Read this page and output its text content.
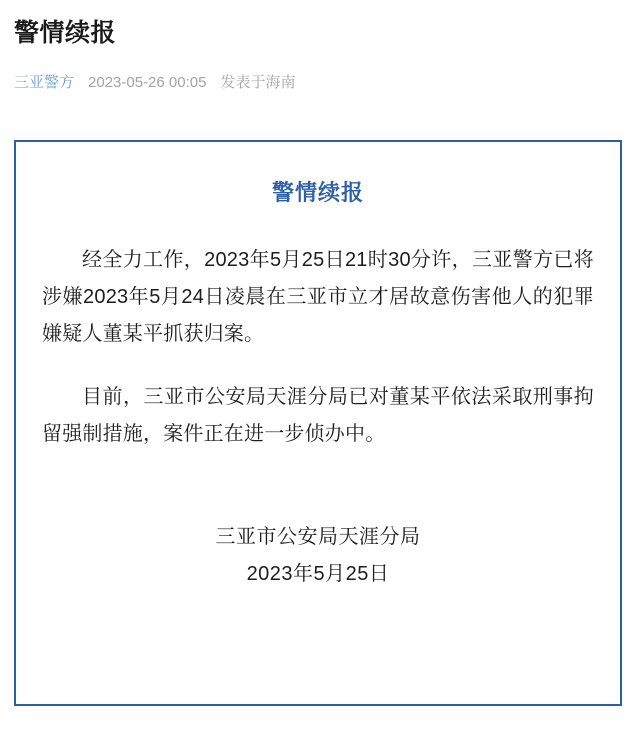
警情续报
三亚警方 2023-05-26 00:05 发表于海南
警情续报

经全力工作，2023年5月25日21时30分许，三亚警方已将涉嫌2023年5月24日凌晨在三亚市立才居故意伤害他人的犯罪嫌疑人董某平抓获归案。

目前，三亚市公安局天涯分局已对董某平依法采取刑事拘留强制措施，案件正在进一步侦办中。

三亚市公安局天涯分局
2023年5月25日
